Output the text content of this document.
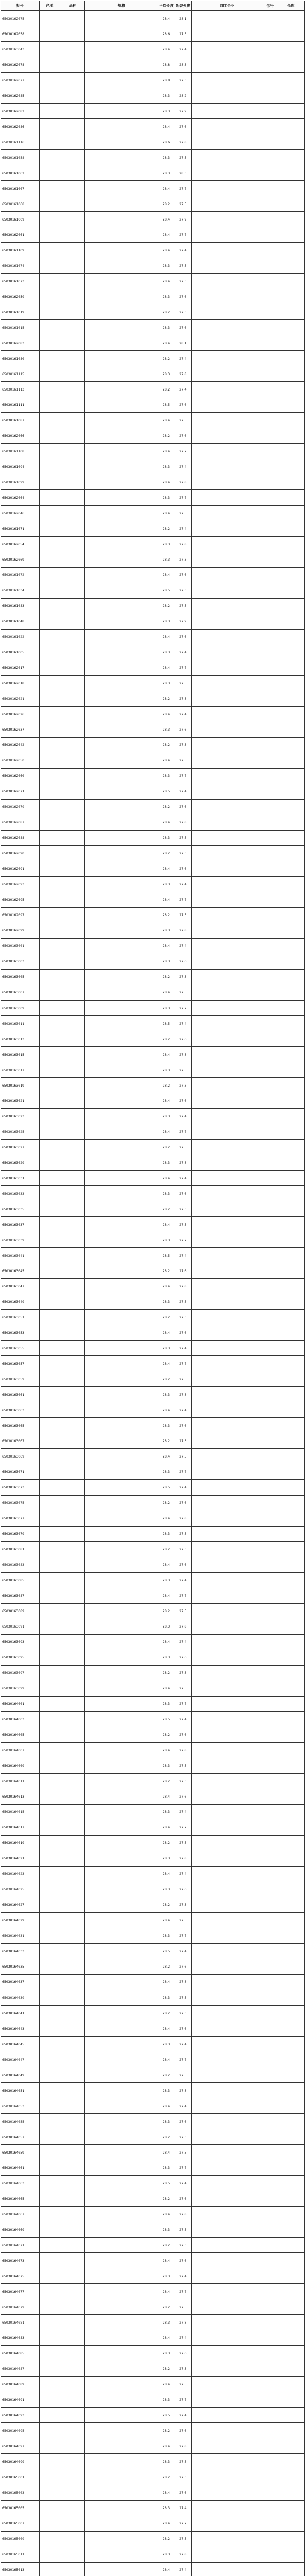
批号	产地	品种	规格	平均长度	断裂强度	加工企业	包号	仓库
65030162075				28.4	28.1			
65030162058				28.6	27.5			
65030163043				28.4	27.4			
65030162078				28.8	28.3			
65030162077				28.8	27.3			
65030162085				28.3	28.2			
65030162082				28.3	27.9			
65030162086				28.4	27.6			
65030161116				28.6	27.8			
65030161058				28.3	27.5			
65030161062				28.3	28.3			
65030161007				28.4	27.7			
65030161068				28.2	27.5			
65030161009				28.4	27.9			
65030162061				28.4	27.7			
65030161109				28.4	27.4			
65030161074				28.3	27.5			
65030161073				28.4	27.3			
65030162059				28.3	27.6			
65030161019				28.2	27.3			
65030161015				28.3	27.6			
65030162083				28.4	28.1			
65030161080				28.2	27.4			
65030161115				28.3	27.8			
65030161113				28.2	27.4			
65030161111				28.5	27.6			
65030161087				28.4	27.5			
65030162066				28.2	27.6			
65030161108				28.4	27.7			
65030161094				28.3	27.4			
65030161099				28.4	27.8			
65030162064				28.3	27.7			
65030162046				28.4	27.5			
65030161071				28.2	27.4			
65030162054				28.3	27.8			
65030162069				28.3	27.3			
65030161072				28.4	27.6			
65030161034				28.5	27.3			
65030161083				28.2	27.5			
65030161048				28.3	27.9			
65030161022				28.4	27.6			
65030161005				28.3	27.4			
65030162017				28.4	27.7			
65030162018				28.3	27.5			
65030162021				28.2	27.8			
65030162026				28.4	27.4			
65030162037				28.3	27.6			
65030162042				28.2	27.3			
65030162050				28.4	27.5			
65030162060				28.3	27.7			
65030162071				28.5	27.4			
65030162079				28.2	27.6			
65030162087				28.4	27.8			
65030162088				28.3	27.5			
65030162090				28.2	27.3			
65030162091				28.4	27.6			
65030162093				28.3	27.4			
65030162095				28.4	27.7			
65030162097				28.2	27.5			
65030162099				28.3	27.8			
65030163001				28.4	27.4			
65030163003				28.3	27.6			
65030163005				28.2	27.3			
65030163007				28.4	27.5			
65030163009				28.3	27.7			
65030163011				28.5	27.4			
65030163013				28.2	27.6			
65030163015				28.4	27.8			
65030163017				28.3	27.5			
65030163019				28.2	27.3			
65030163021				28.4	27.6			
65030163023				28.3	27.4			
65030163025				28.4	27.7			
65030163027				28.2	27.5			
65030163029				28.3	27.8			
65030163031				28.4	27.4			
65030163033				28.3	27.6			
65030163035				28.2	27.3			
65030163037				28.4	27.5			
65030163039				28.3	27.7			
65030163041				28.5	27.4			
65030163045				28.2	27.6			
65030163047				28.4	27.8			
65030163049				28.3	27.5			
65030163051				28.2	27.3			
65030163053				28.4	27.6			
65030163055				28.3	27.4			
65030163057				28.4	27.7			
65030163059				28.2	27.5			
65030163061				28.3	27.8			
65030163063				28.4	27.4			
65030163065				28.3	27.6			
65030163067				28.2	27.3			
65030163069				28.4	27.5			
65030163071				28.3	27.7			
65030163073				28.5	27.4			
65030163075				28.2	27.6			
65030163077				28.4	27.8			
65030163079				28.3	27.5			
65030163081				28.2	27.3			
65030163083				28.4	27.6			
65030163085				28.3	27.4			
65030163087				28.4	27.7			
65030163089				28.2	27.5			
65030163091				28.3	27.8			
65030163093				28.4	27.4			
65030163095				28.3	27.6			
65030163097				28.2	27.3			
65030163099				28.4	27.5			
65030164001				28.3	27.7			
65030164003				28.5	27.4			
65030164005				28.2	27.6			
65030164007				28.4	27.8			
65030164009				28.3	27.5			
65030164011				28.2	27.3			
65030164013				28.4	27.6			
65030164015				28.3	27.4			
65030164017				28.4	27.7			
65030164019				28.2	27.5			
65030164021				28.3	27.8			
65030164023				28.4	27.4			
65030164025				28.3	27.6			
65030164027				28.2	27.3			
65030164029				28.4	27.5			
65030164031				28.3	27.7			
65030164033				28.5	27.4			
65030164035				28.2	27.6			
65030164037				28.4	27.8			
65030164039				28.3	27.5			
65030164041				28.2	27.3			
65030164043				28.4	27.6			
65030164045				28.3	27.4			
65030164047				28.4	27.7			
65030164049				28.2	27.5			
65030164051				28.3	27.8			
65030164053				28.4	27.4			
65030164055				28.3	27.6			
65030164057				28.2	27.3			
65030164059				28.4	27.5			
65030164061				28.3	27.7			
65030164063				28.5	27.4			
65030164065				28.2	27.6			
65030164067				28.4	27.8			
65030164069				28.3	27.5			
65030164071				28.2	27.3			
65030164073				28.4	27.6			
65030164075				28.3	27.4			
65030164077				28.4	27.7			
65030164079				28.2	27.5			
65030164081				28.3	27.8			
65030164083				28.4	27.4			
65030164085				28.3	27.6			
65030164087				28.2	27.3			
65030164089				28.4	27.5			
65030164091				28.3	27.7			
65030164093				28.5	27.4			
65030164095				28.2	27.6			
65030164097				28.4	27.8			
65030164099				28.3	27.5			
65030165001				28.2	27.3			
65030165003				28.4	27.6			
65030165005				28.3	27.4			
65030165007				28.4	27.7			
65030165009				28.2	27.5			
65030165011				28.3	27.8			
65030165013				28.4	27.4			
